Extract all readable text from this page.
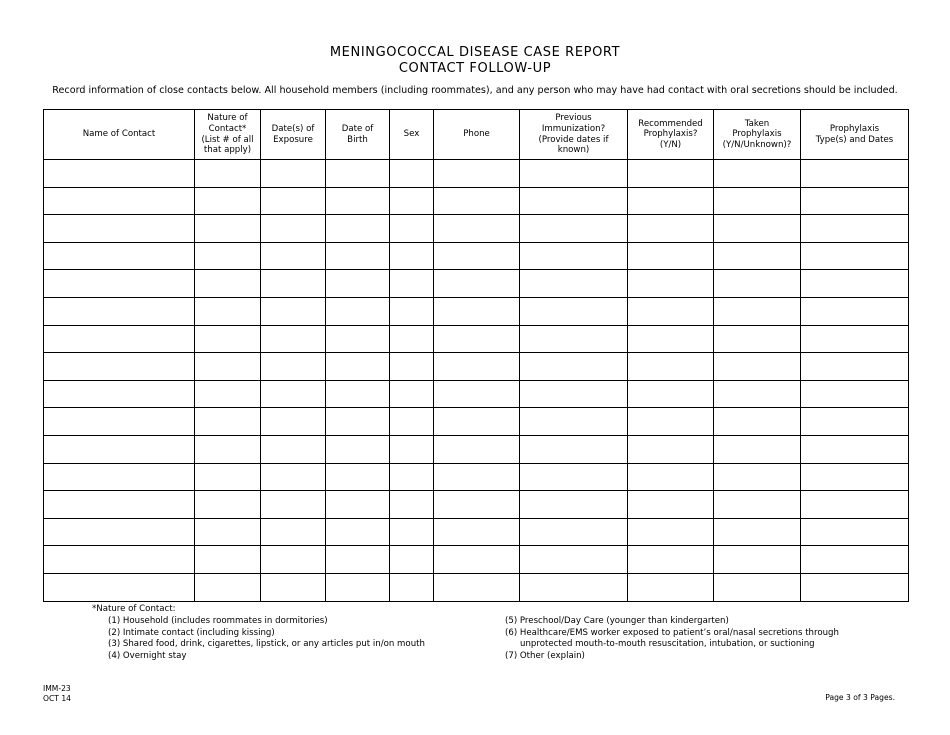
MENINGOCOCCAL DISEASE CASE REPORT
CONTACT FOLLOW-UP
Record information of close contacts below. All household members (including roommates), and any person who may have had contact with oral secretions should be included.
Name of Contact	Nature of
Contact*
(List # of all
that apply)	Date(s) of
Exposure	Date of
Birth	Sex	Phone	Previous
Immunization?
(Provide dates if
known)	Recommended
Prophylaxis?
(Y/N)	Taken
Prophylaxis
(Y/N/Unknown)?	Prophylaxis
Type(s) and Dates

*Nature of Contact:
(1) Household (includes roommates in dormitories)
(2) Intimate contact (including kissing)
(3) Shared food, drink, cigarettes, lipstick, or any articles put in/on mouth
(4) Overnight stay
(5) Preschool/Day Care (younger than kindergarten)
(6) Healthcare/EMS worker exposed to patient’s oral/nasal secretions through
unprotected mouth-to-mouth resuscitation, intubation, or suctioning
(7) Other (explain)
IMM-23
OCT 14	Page 3 of 3 Pages.
